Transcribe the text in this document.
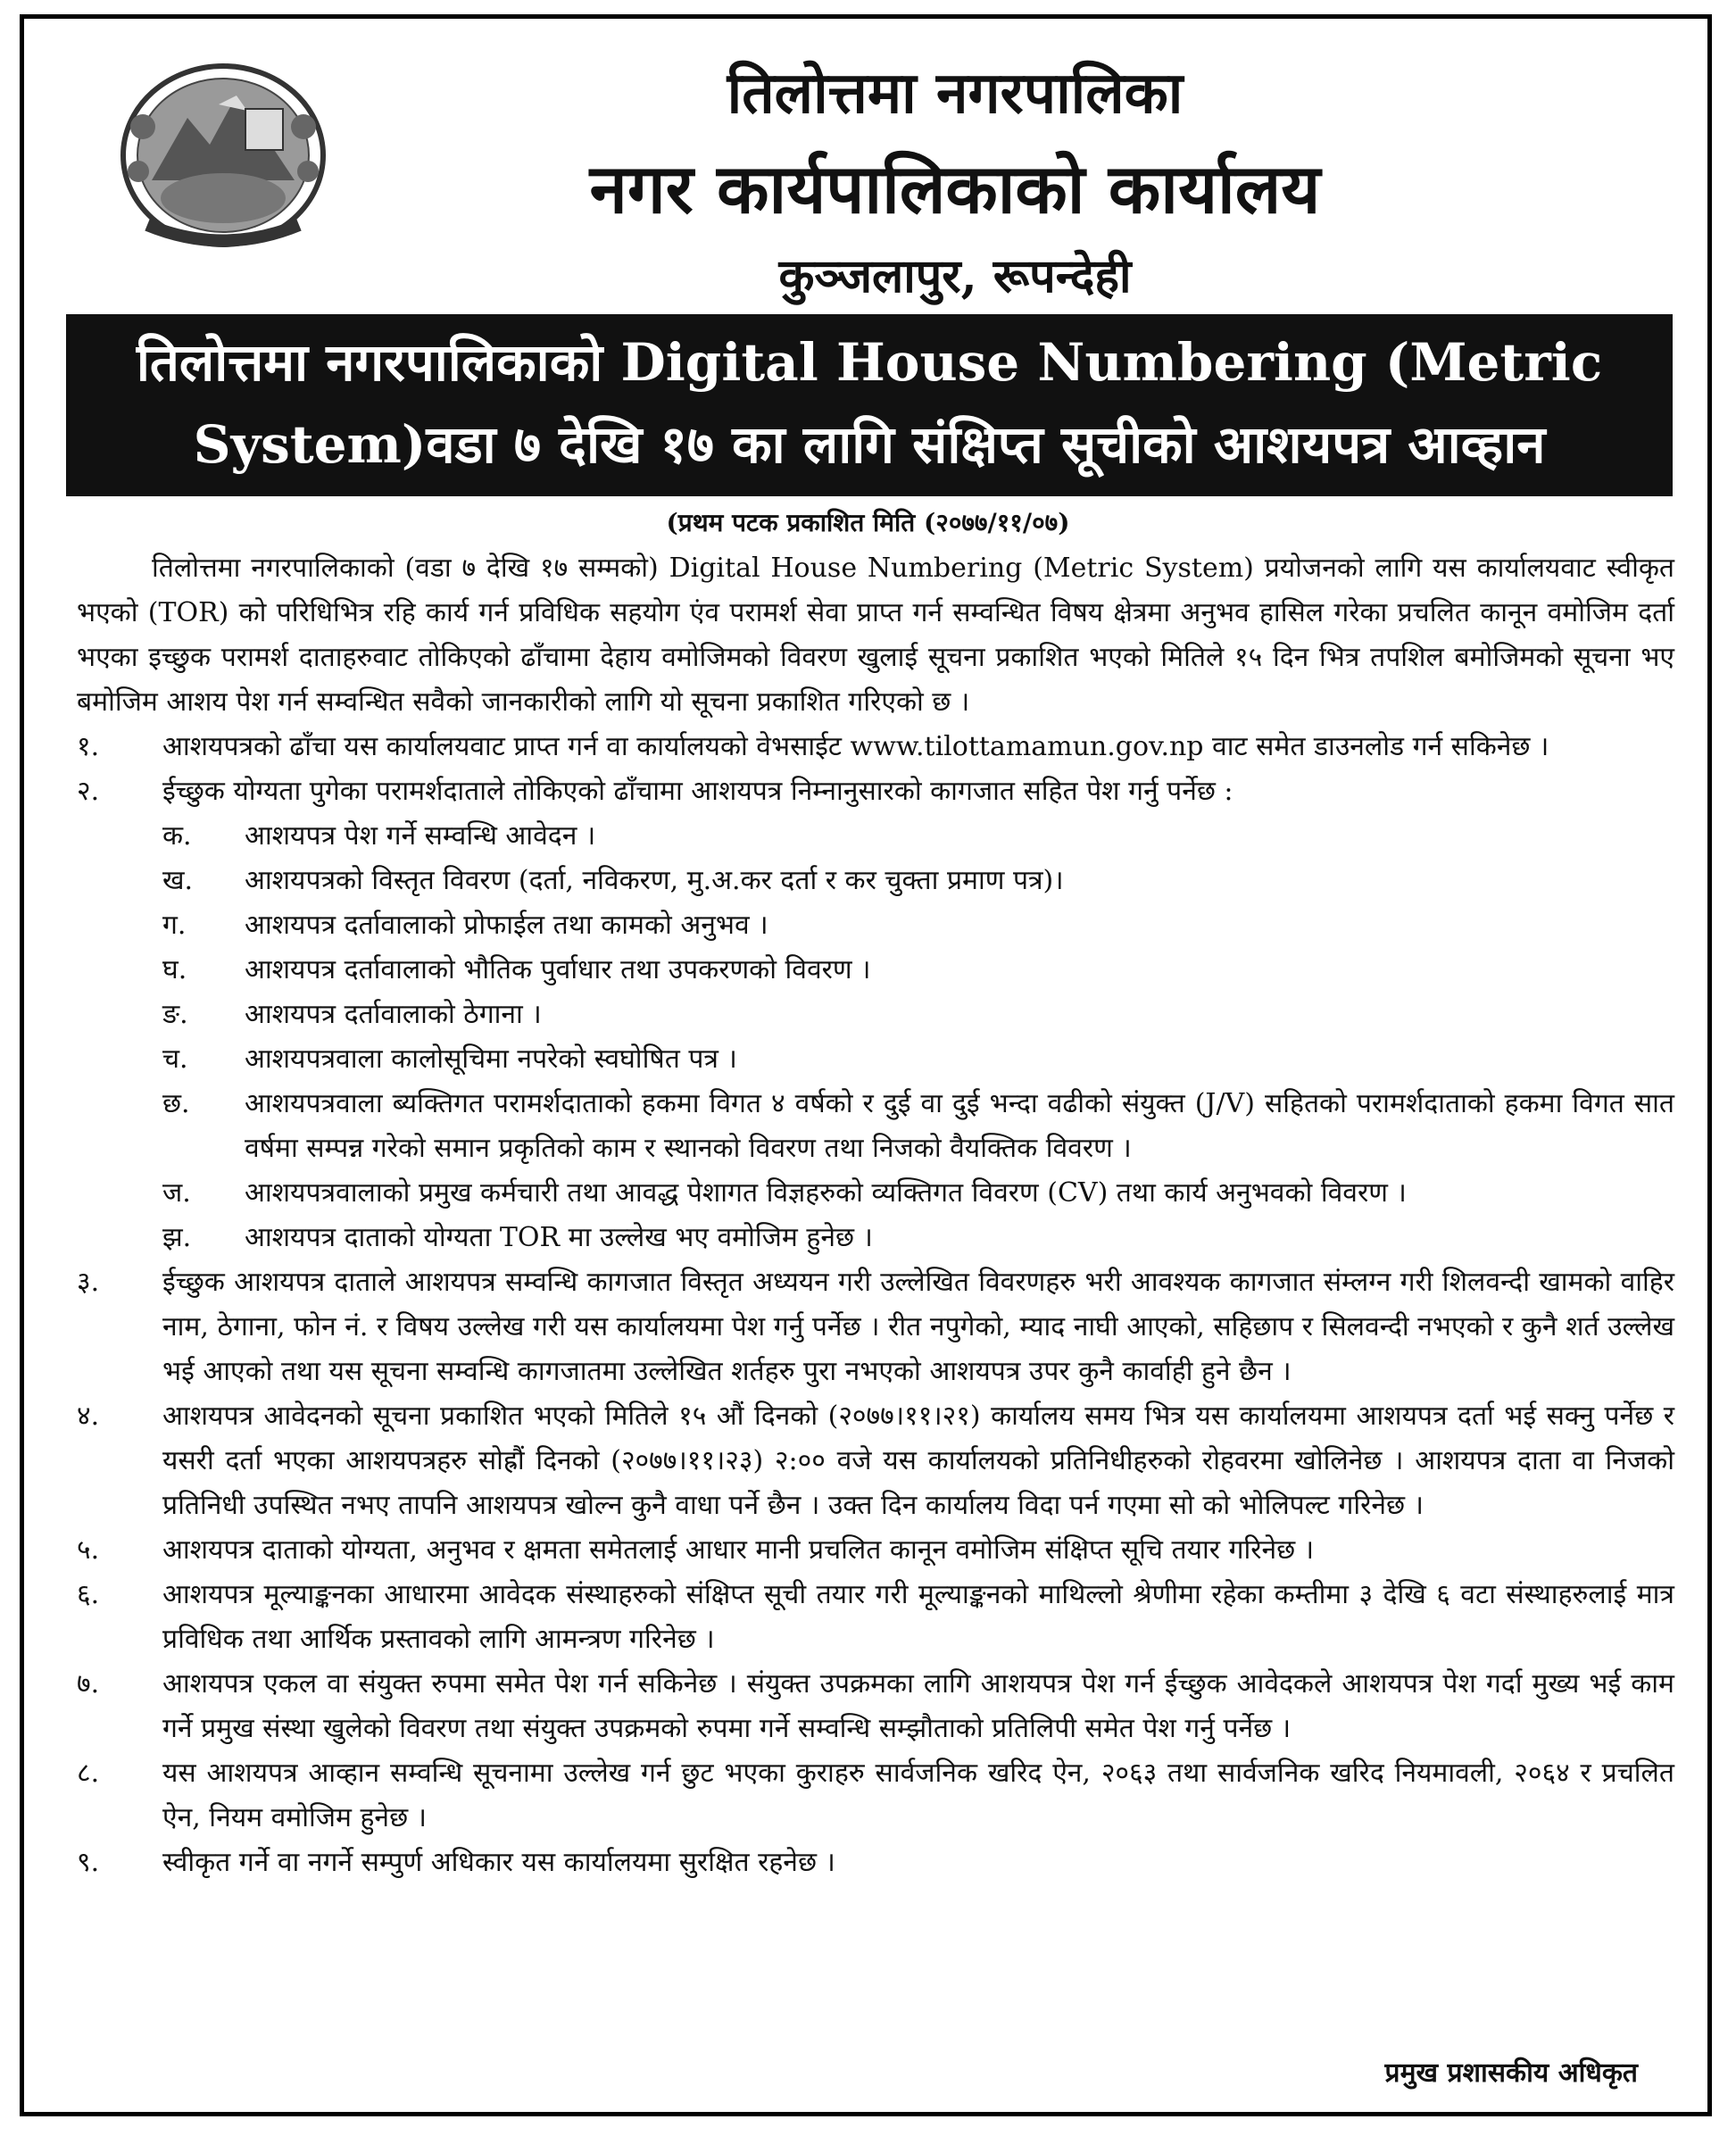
तिलोत्तमा नगरपालिका
नगर कार्यपालिकाको कार्यालय
कुञ्जलापुर, रूपन्देही
तिलोत्तमा नगरपालिकाको Digital House Numbering (Metric
System)वडा ७ देखि १७ का लागि संक्षिप्त सूचीको आशयपत्र आव्हान
(प्रथम पटक प्रकाशित मिति (२०७७/११/०७)

तिलोत्तमा नगरपालिकाको (वडा ७ देखि १७ सम्मको) Digital House Numbering (Metric System) प्रयोजनको लागि यस कार्यालयवाट स्वीकृत भएको (TOR) को परिधिभित्र रहि कार्य गर्न प्रविधिक सहयोग एंव परामर्श सेवा प्राप्त गर्न सम्वन्धित विषय क्षेत्रमा अनुभव हासिल गरेका प्रचलित कानून वमोजिम दर्ता भएका इच्छुक परामर्श दाताहरुवाट तोकिएको ढाँचामा देहाय वमोजिमको विवरण खुलाई सूचना प्रकाशित भएको मितिले १५ दिन भित्र तपशिल बमोजिमको सूचना भए बमोजिम आशय पेश गर्न सम्वन्धित सवैको जानकारीको लागि यो सूचना प्रकाशित गरिएको छ ।

१.	आशयपत्रको ढाँचा यस कार्यालयवाट प्राप्त गर्न वा कार्यालयको वेभसाईट www.tilottamamun.gov.np वाट समेत डाउनलोड गर्न सकिनेछ ।
२.	ईच्छुक योग्यता पुगेका परामर्शदाताले तोकिएको ढाँचामा आशयपत्र निम्नानुसारको कागजात सहित पेश गर्नु पर्नेछ :
क.	आशयपत्र पेश गर्ने सम्वन्धि आवेदन ।
ख.	आशयपत्रको विस्तृत विवरण (दर्ता, नविकरण, मु.अ.कर दर्ता र कर चुक्ता प्रमाण पत्र)।
ग.	आशयपत्र दर्तावालाको प्रोफाईल तथा कामको अनुभव ।
घ.	आशयपत्र दर्तावालाको भौतिक पुर्वाधार तथा उपकरणको विवरण ।
ङ.	आशयपत्र दर्तावालाको ठेगाना ।
च.	आशयपत्रवाला कालोसूचिमा नपरेको स्वघोषित पत्र ।
छ.	आशयपत्रवाला ब्यक्तिगत परामर्शदाताको हकमा विगत ४ वर्षको र दुई वा दुई भन्दा वढीको संयुक्त (J/V) सहितको परामर्शदाताको हकमा विगत सात वर्षमा सम्पन्न गरेको समान प्रकृतिको काम र स्थानको विवरण तथा निजको वैयक्तिक विवरण ।
ज.	आशयपत्रवालाको प्रमुख कर्मचारी तथा आवद्ध पेशागत विज्ञहरुको व्यक्तिगत विवरण (CV) तथा कार्य अनुभवको विवरण ।
झ.	आशयपत्र दाताको योग्यता TOR मा उल्लेख भए वमोजिम हुनेछ ।
३.	ईच्छुक आशयपत्र दाताले आशयपत्र सम्वन्धि कागजात विस्तृत अध्ययन गरी उल्लेखित विवरणहरु भरी आवश्यक कागजात संम्लग्न गरी शिलवन्दी खामको वाहिर नाम, ठेगाना, फोन नं. र विषय उल्लेख गरी यस कार्यालयमा पेश गर्नु पर्नेछ । रीत नपुगेको, म्याद नाघी आएको, सहिछाप र सिलवन्दी नभएको र कुनै शर्त उल्लेख भई आएको तथा यस सूचना सम्वन्धि कागजातमा उल्लेखित शर्तहरु पुरा नभएको आशयपत्र उपर कुनै कार्वाही हुने छैन ।
४.	आशयपत्र आवेदनको सूचना प्रकाशित भएको मितिले १५ औं दिनको (२०७७।११।२१) कार्यालय समय भित्र यस कार्यालयमा आशयपत्र दर्ता भई सक्नु पर्नेछ र यसरी दर्ता भएका आशयपत्रहरु सोह्रौं दिनको (२०७७।११।२३) २:०० वजे यस कार्यालयको प्रतिनिधीहरुको रोहवरमा खोलिनेछ । आशयपत्र दाता वा निजको प्रतिनिधी उपस्थित नभए तापनि आशयपत्र खोल्न कुनै वाधा पर्ने छैन । उक्त दिन कार्यालय विदा पर्न गएमा सो को भोलिपल्ट गरिनेछ ।
५.	आशयपत्र दाताको योग्यता, अनुभव र क्षमता समेतलाई आधार मानी प्रचलित कानून वमोजिम संक्षिप्त सूचि तयार गरिनेछ ।
६.	आशयपत्र मूल्याङ्कनका आधारमा आवेदक संस्थाहरुको संक्षिप्त सूची तयार गरी मूल्याङ्कनको माथिल्लो श्रेणीमा रहेका कम्तीमा ३ देखि ६ वटा संस्थाहरुलाई मात्र प्रविधिक तथा आर्थिक प्रस्तावको लागि आमन्त्रण गरिनेछ ।
७.	आशयपत्र एकल वा संयुक्त रुपमा समेत पेश गर्न सकिनेछ । संयुक्त उपक्रमका लागि आशयपत्र पेश गर्न ईच्छुक आवेदकले आशयपत्र पेश गर्दा मुख्य भई काम गर्ने प्रमुख संस्था खुलेको विवरण तथा संयुक्त उपक्रमको रुपमा गर्ने सम्वन्धि सम्झौताको प्रतिलिपी समेत पेश गर्नु पर्नेछ ।
८.	यस आशयपत्र आव्हान सम्वन्धि सूचनामा उल्लेख गर्न छुट भएका कुराहरु सार्वजनिक खरिद ऐन, २०६३ तथा सार्वजनिक खरिद नियमावली, २०६४ र प्रचलित ऐन, नियम वमोजिम हुनेछ ।
९.	स्वीकृत गर्ने वा नगर्ने सम्पुर्ण अधिकार यस कार्यालयमा सुरक्षित रहनेछ ।
प्रमुख प्रशासकीय अधिकृत
